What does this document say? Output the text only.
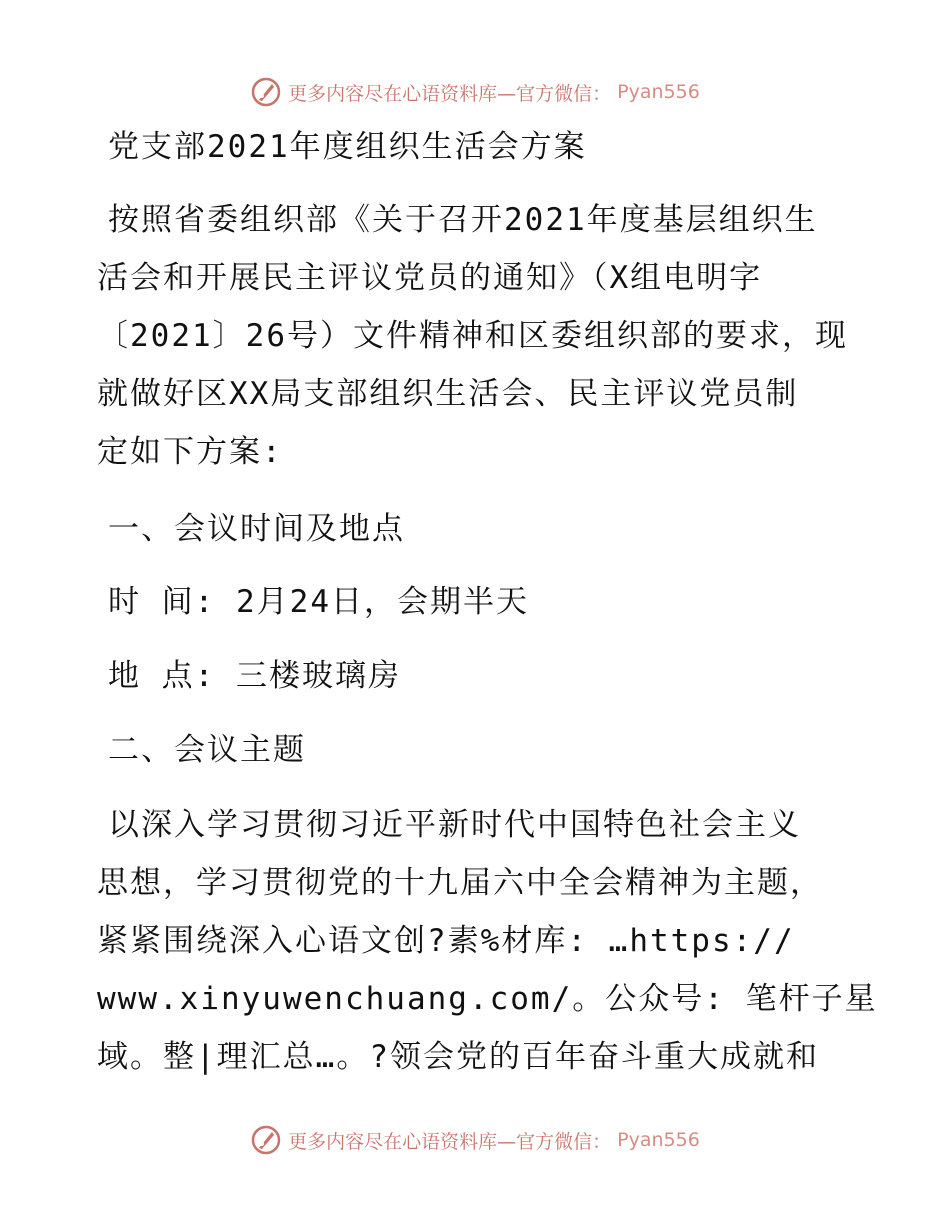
更多内容尽在心语资料库—官方微信： Pyan556
党支部2021年度组织生活会方案
按照省委组织部《关于召开2021年度基层组织生
活会和开展民主评议党员的通知》（X组电明字
〔2021〕26号）文件精神和区委组织部的要求，现
就做好区XX局支部组织生活会、民主评议党员制
定如下方案:
一、会议时间及地点
时 间: 2月24日，会期半天
地 点: 三楼玻璃房
二、会议主题
以深入学习贯彻习近平新时代中国特色社会主义
思想，学习贯彻党的十九届六中全会精神为主题，
紧紧围绕深入心语文创?素%材库: …https://
www.xinyuwenchuang.com/。公众号: 笔杆子星
域。整|理汇总…。?领会党的百年奋斗重大成就和
更多内容尽在心语资料库—官方微信： Pyan556
